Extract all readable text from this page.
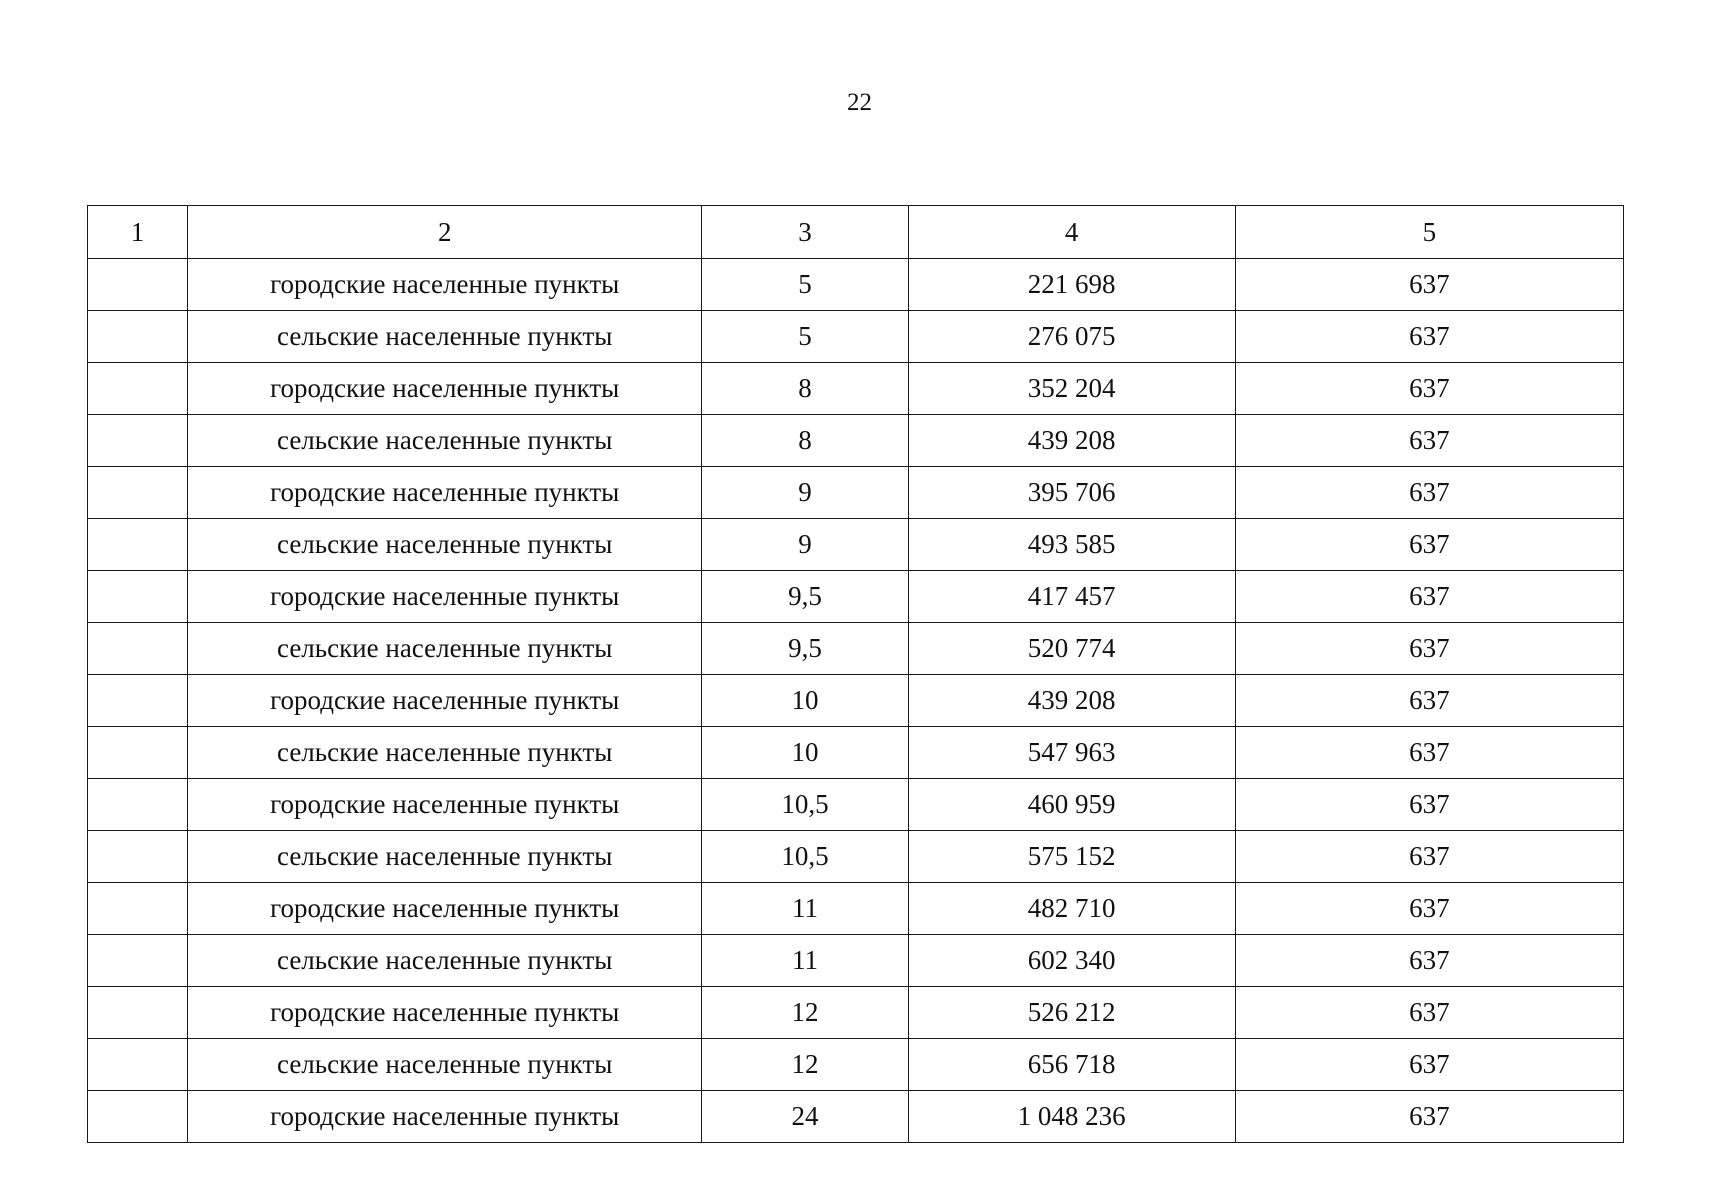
22
1	2	3	4	5
	городские населенные пункты	5	221 698	637
	сельские населенные пункты	5	276 075	637
	городские населенные пункты	8	352 204	637
	сельские населенные пункты	8	439 208	637
	городские населенные пункты	9	395 706	637
	сельские населенные пункты	9	493 585	637
	городские населенные пункты	9,5	417 457	637
	сельские населенные пункты	9,5	520 774	637
	городские населенные пункты	10	439 208	637
	сельские населенные пункты	10	547 963	637
	городские населенные пункты	10,5	460 959	637
	сельские населенные пункты	10,5	575 152	637
	городские населенные пункты	11	482 710	637
	сельские населенные пункты	11	602 340	637
	городские населенные пункты	12	526 212	637
	сельские населенные пункты	12	656 718	637
	городские населенные пункты	24	1 048 236	637
